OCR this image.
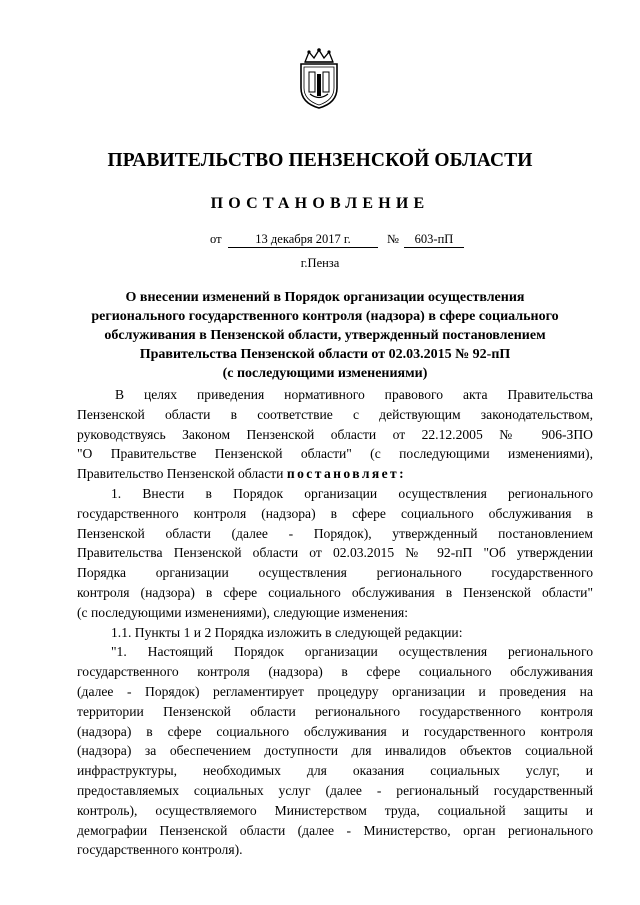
ПРАВИТЕЛЬСТВО ПЕНЗЕНСКОЙ ОБЛАСТИ
ПОСТАНОВЛЕНИЕ
от	13 декабря 2017 г.	№	603-пП
г.Пенза
О внесении изменений в Порядок организации осуществления
регионального государственного контроля (надзора) в сфере социального
обслуживания в Пензенской области, утвержденный постановлением
Правительства Пензенской области от 02.03.2015 № 92-пП
(с последующими изменениями)

В целях приведения нормативного правового акта Правительства

Пензенской области в соответствие с действующим законодательством,

руководствуясь Законом Пензенской области от 22.12.2005 № 906-ЗПО

"О Правительстве Пензенской области" (с последующими изменениями),

Правительство Пензенской области постановляет:

1. Внести в Порядок организации осуществления регионального

государственного контроля (надзора) в сфере социального обслуживания в

Пензенской области (далее - Порядок), утвержденный постановлением

Правительства Пензенской области от 02.03.2015 № 92-пП "Об утверждении

Порядка организации осуществления регионального государственного

контроля (надзора) в сфере социального обслуживания в Пензенской области"

(с последующими изменениями), следующие изменения:

1.1. Пункты 1 и 2 Порядка изложить в следующей редакции:

"1. Настоящий Порядок организации осуществления регионального

государственного контроля (надзора) в сфере социального обслуживания

(далее - Порядок) регламентирует процедуру организации и проведения на

территории Пензенской области регионального государственного контроля

(надзора) в сфере социального обслуживания и государственного контроля

(надзора) за обеспечением доступности для инвалидов объектов социальной

инфраструктуры, необходимых для оказания социальных услуг, и

предоставляемых социальных услуг (далее - региональный государственный

контроль), осуществляемого Министерством труда, социальной защиты и

демографии Пензенской области (далее - Министерство, орган регионального

государственного контроля).
